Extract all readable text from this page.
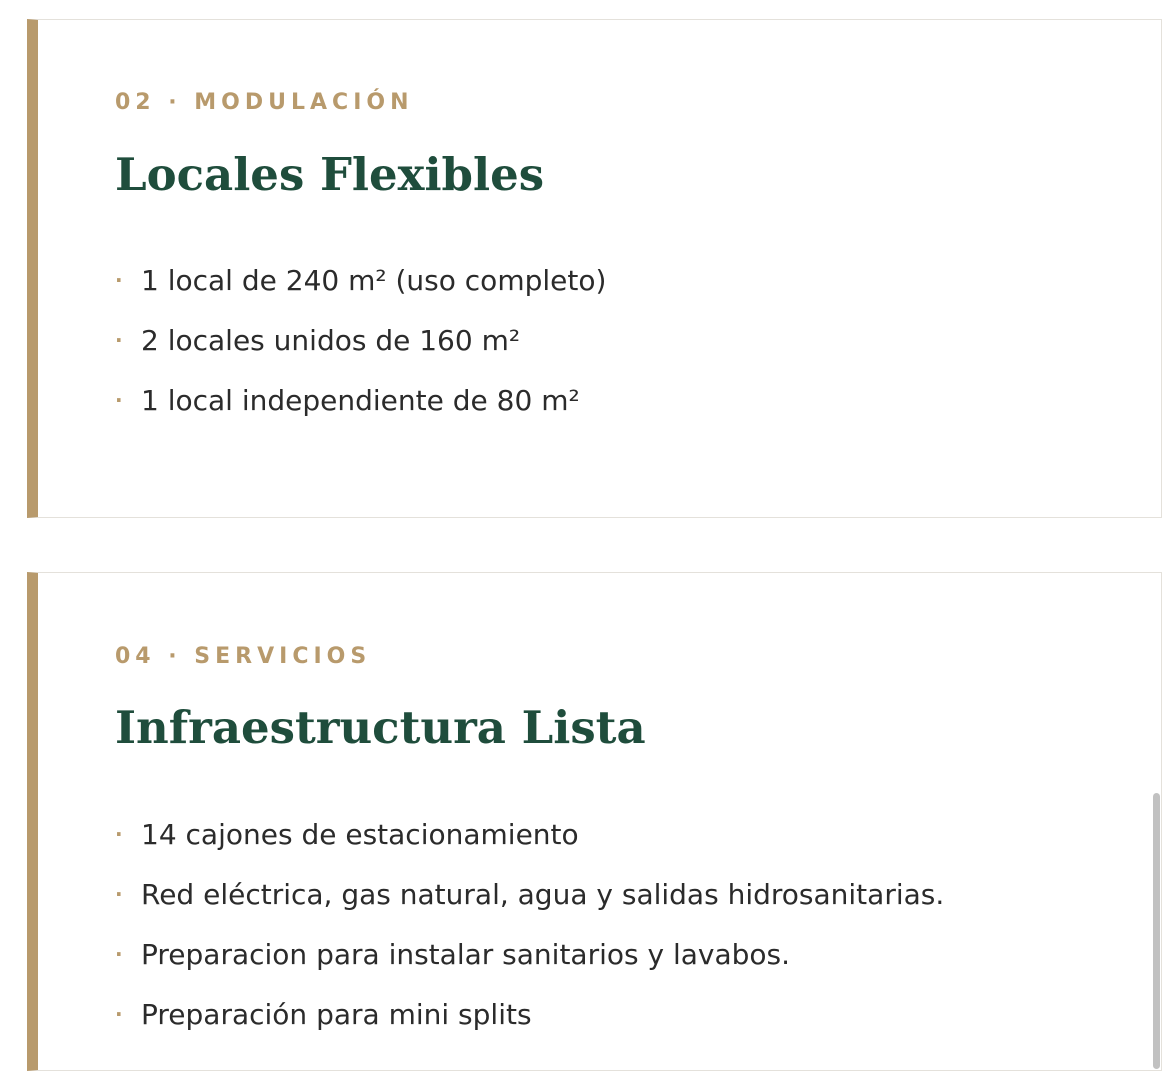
02 · MODULACIÓN
Locales Flexibles
· 1 local de 240 m² (uso completo)
· 2 locales unidos de 160 m²
· 1 local independiente de 80 m²
04 · SERVICIOS
Infraestructura Lista
· 14 cajones de estacionamiento
· Red eléctrica, gas natural, agua y salidas hidrosanitarias.
· Preparacion para instalar sanitarios y lavabos.
· Preparación para mini splits
